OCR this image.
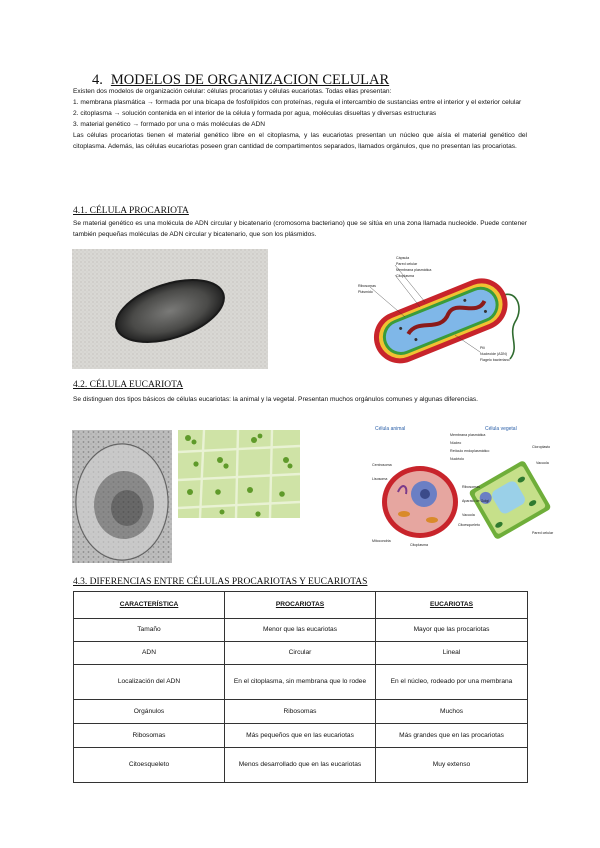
4. MODELOS DE ORGANIZACION CELULAR

Existen dos modelos de organización celular: células procariotas y células eucariotas. Todas ellas presentan:

1. membrana plasmática → formada por una bicapa de fosfolípidos con proteínas, regula el intercambio de sustancias entre el interior y el exterior celular

2. citoplasma → solución contenida en el interior de la célula y formada por agua, moléculas disueltas y diversas estructuras

3. material genético → formado por una o más moléculas de ADN

Las células procariotas tienen el material genético libre en el citoplasma, y las eucariotas presentan un núcleo que aísla el material genético del citoplasma. Además, las células eucariotas poseen gran cantidad de compartimentos separados, llamados orgánulos, que no presentan las procariotas.

4.1. CÉLULA PROCARIOTA
Se material genético es una molécula de ADN circular y bicatenario (cromosoma bacteriano) que se sitúa en una zona llamada nucleoide. Puede contener también pequeñas moléculas de ADN circular y bicatenario, que son los plásmidos.
Cápsula
Pared celular
Membrana plasmática
Citoplasma
Ribosomas
Plásmido
Pili
Nucleoide (ADN)
Flagelo bacteriano
4.2. CÉLULA EUCARIOTA
Se distinguen dos tipos básicos de células eucariotas: la animal y la vegetal. Presentan muchos orgánulos comunes y algunas diferencias.
Célula animal	Célula vegetal
Centrosoma
Lisosoma
Mitocondria
Citoplasma
Membrana plasmática
Núcleo
Retículo endoplasmático
Nucléolo
Ribosomas
Aparato de Golgi
Vacuola
Citoesqueleto
Cloroplasto
Vacuola
Pared celular
4.3. DIFERENCIAS ENTRE CÉLULAS PROCARIOTAS Y EUCARIOTAS
CARACTERÍSTICA	PROCARIOTAS	EUCARIOTAS
Tamaño	Menor que las eucariotas	Mayor que las procariotas
ADN	Circular	Lineal
Localización del ADN	En el citoplasma, sin membrana que lo rodee	En el núcleo, rodeado por una membrana
Orgánulos	Ribosomas	Muchos
Ribosomas	Más pequeños que en las eucariotas	Más grandes que en las procariotas
Citoesqueleto	Menos desarrollado que en las eucariotas	Muy extenso
